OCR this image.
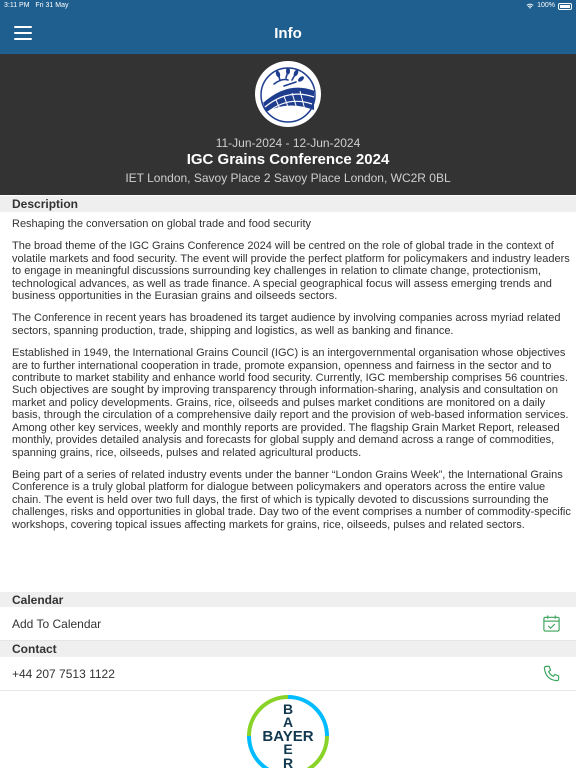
3:11 PM Fri 31 May	100%
Info
11-Jun-2024 - 12-Jun-2024
IGC Grains Conference 2024
IET London, Savoy Place 2 Savoy Place London, WC2R 0BL
Description

Reshaping the conversation on global trade and food security

The broad theme of the IGC Grains Conference 2024 will be centred on the role of global trade in the context of volatile markets and food security. The event will provide the perfect platform for policymakers and industry leaders to engage in meaningful discussions surrounding key challenges in relation to climate change, protectionism, technological advances, as well as trade finance. A special geographical focus will assess emerging trends and business opportunities in the Eurasian grains and oilseeds sectors.

The Conference in recent years has broadened its target audience by involving companies across myriad related sectors, spanning production, trade, shipping and logistics, as well as banking and finance.

Established in 1949, the International Grains Council (IGC) is an intergovernmental organisation whose objectives are to further international cooperation in trade, promote expansion, openness and fairness in the sector and to contribute to market stability and enhance world food security. Currently, IGC membership comprises 56 countries. Such objectives are sought by improving transparency through information-sharing, analysis and consultation on market and policy developments. Grains, rice, oilseeds and pulses market conditions are monitored on a daily basis, through the circulation of a comprehensive daily report and the provision of web-based information services. Among other key services, weekly and monthly reports are provided. The flagship Grain Market Report, released monthly, provides detailed analysis and forecasts for global supply and demand across a range of commodities, spanning grains, rice, oilseeds, pulses and related agricultural products.

Being part of a series of related industry events under the banner “London Grains Week”, the International Grains Conference is a truly global platform for dialogue between policymakers and operators across the entire value chain. The event is held over two full days, the first of which is typically devoted to discussions surrounding the challenges, risks and opportunities in global trade. Day two of the event comprises a number of commodity-specific workshops, covering topical issues affecting markets for grains, rice, oilseeds, pulses and related sectors.

Calendar
Add To Calendar
Contact
+44 207 7513 1122
B
A
E
R
BAYER
